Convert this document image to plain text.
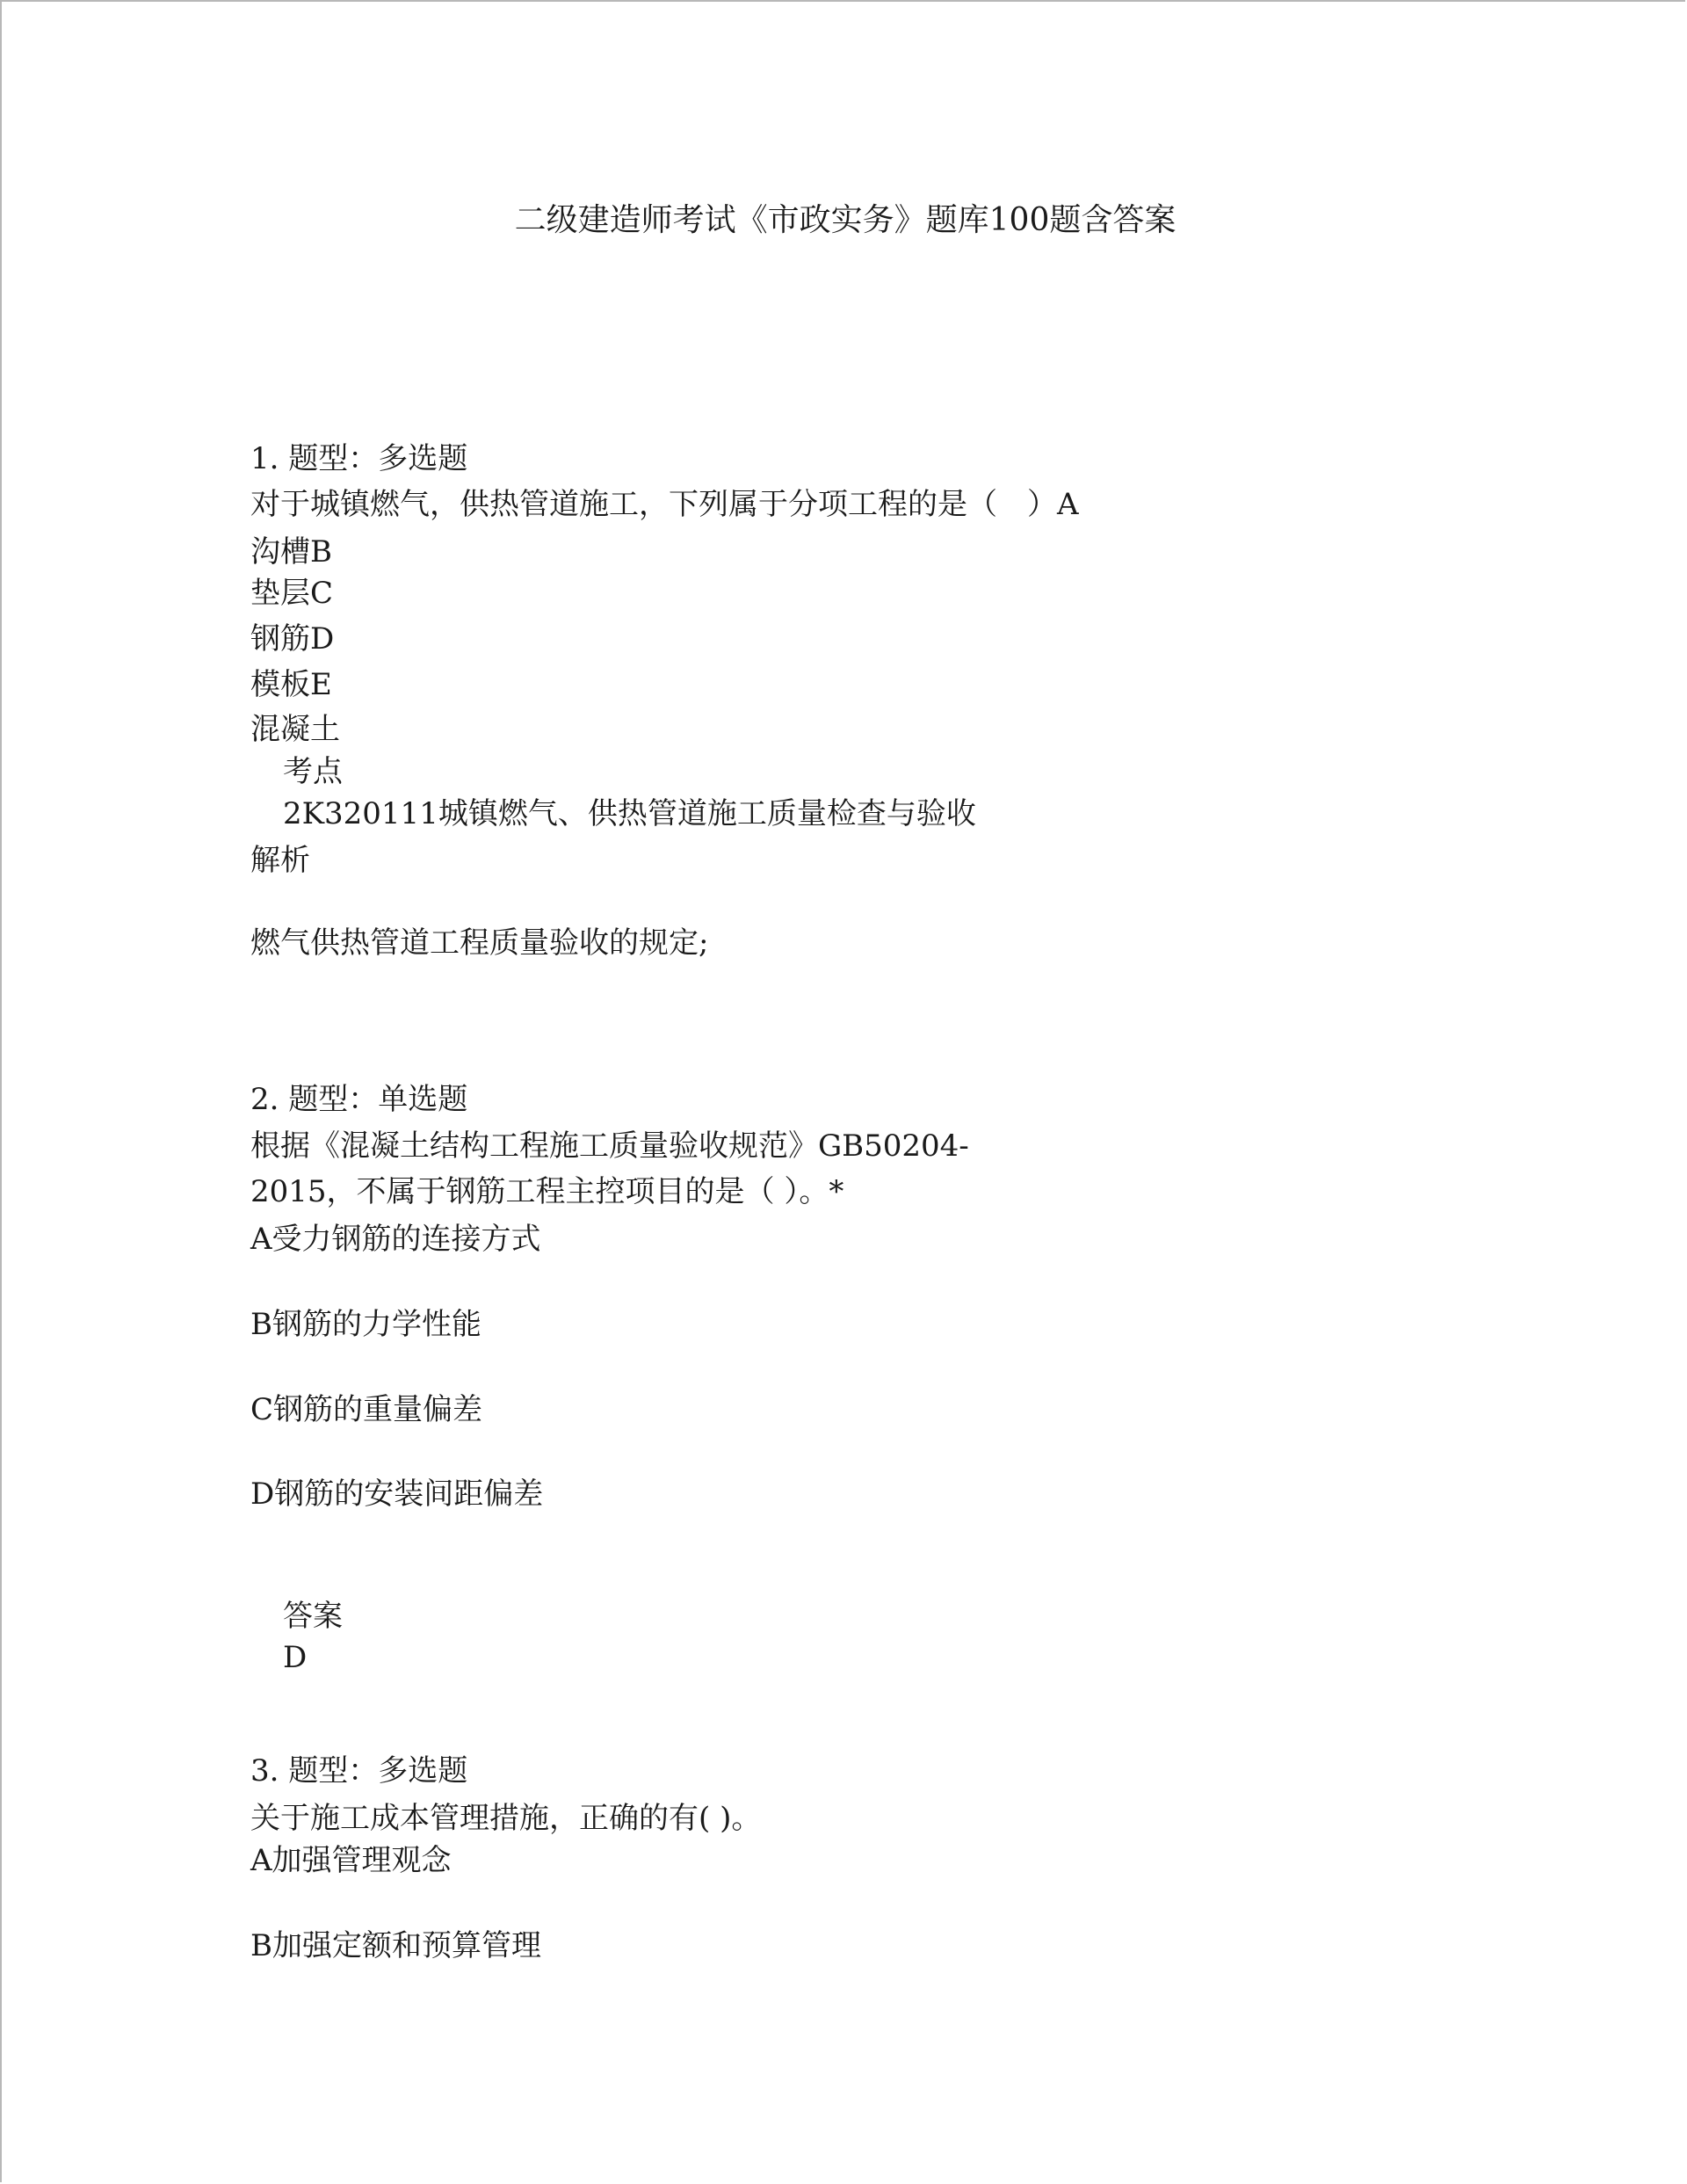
二级建造师考试《市政实务》题库100题含答案
1. 题型：多选题
对于城镇燃气，供热管道施工，下列属于分项工程的是（　）A
沟槽B
垫层C
钢筋D
模板E
混凝土
考点
2K320111城镇燃气、供热管道施工质量检查与验收
解析
燃气供热管道工程质量验收的规定;
2. 题型：单选题
根据《混凝土结构工程施工质量验收规范》GB50204-
2015，不属于钢筋工程主控项目的是（ ）。*
A受力钢筋的连接方式
B钢筋的力学性能
C钢筋的重量偏差
D钢筋的安装间距偏差
答案
D
3. 题型：多选题
关于施工成本管理措施，正确的有( )。
A加强管理观念
B加强定额和预算管理
